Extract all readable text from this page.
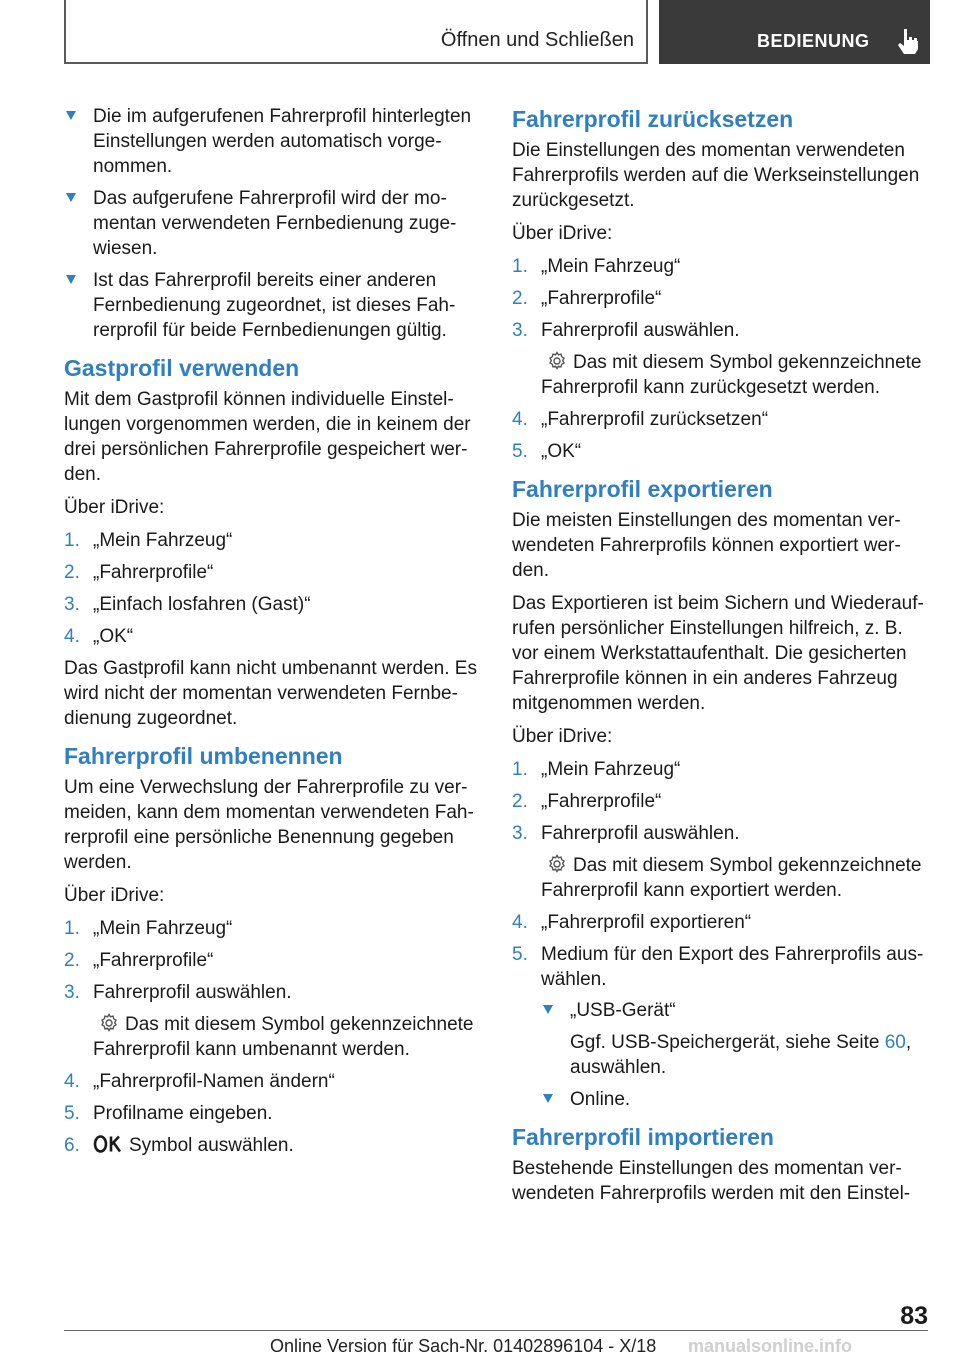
Öffnen und Schließen	BEDIENUNG
Die im aufgerufenen Fahrerprofil hinterlegten Einstellungen werden automatisch vorgenommen.
Das aufgerufene Fahrerprofil wird der momentan verwendeten Fernbedienung zugewiesen.
Ist das Fahrerprofil bereits einer anderen Fernbedienung zugeordnet, ist dieses Fahrerprofil für beide Fernbedienungen gültig.
Gastprofil verwenden

Mit dem Gastprofil können individuelle Einstellungen vorgenommen werden, die in keinem der drei persönlichen Fahrerprofile gespeichert werden.

Über iDrive:

1. „Mein Fahrzeug“
2. „Fahrerprofile“
3. „Einfach losfahren (Gast)“
4. „OK“

Das Gastprofil kann nicht umbenannt werden. Es wird nicht der momentan verwendeten Fernbedienung zugeordnet.

Fahrerprofil umbenennen

Um eine Verwechslung der Fahrerprofile zu vermeiden, kann dem momentan verwendeten Fahrerprofil eine persönliche Benennung gegeben werden.

Über iDrive:

1. „Mein Fahrzeug“
2. „Fahrerprofile“
3. Fahrerprofil auswählen.
Das mit diesem Symbol gekennzeichnete Fahrerprofil kann umbenannt werden.
4. „Fahrerprofil-Namen ändern“
5. Profilname eingeben.
6.	Symbol auswählen.
Fahrerprofil zurücksetzen

Die Einstellungen des momentan verwendeten Fahrerprofils werden auf die Werkseinstellungen zurückgesetzt.

Über iDrive:

1. „Mein Fahrzeug“
2. „Fahrerprofile“
3. Fahrerprofil auswählen.
Das mit diesem Symbol gekennzeichnete Fahrerprofil kann zurückgesetzt werden.
4. „Fahrerprofil zurücksetzen“
5. „OK“
Fahrerprofil exportieren

Die meisten Einstellungen des momentan verwendeten Fahrerprofils können exportiert werden.

Das Exportieren ist beim Sichern und Wiederaufrufen persönlicher Einstellungen hilfreich, z. B. vor einem Werkstattaufenthalt. Die gesicherten Fahrerprofile können in ein anderes Fahrzeug mitgenommen werden.

Über iDrive:

1. „Mein Fahrzeug“
2. „Fahrerprofile“
3. Fahrerprofil auswählen.
Das mit diesem Symbol gekennzeichnete Fahrerprofil kann exportiert werden.
4. „Fahrerprofil exportieren“
5. Medium für den Export des Fahrerprofils auswählen.
„USB-Gerät“
Ggf. USB-Speichergerät, siehe Seite 60, auswählen.
Online.
Fahrerprofil importieren

Bestehende Einstellungen des momentan verwendeten Fahrerprofils werden mit den Einstel-

83
Online Version für Sach-Nr. 01402896104 - X/18 manualsonline.info
